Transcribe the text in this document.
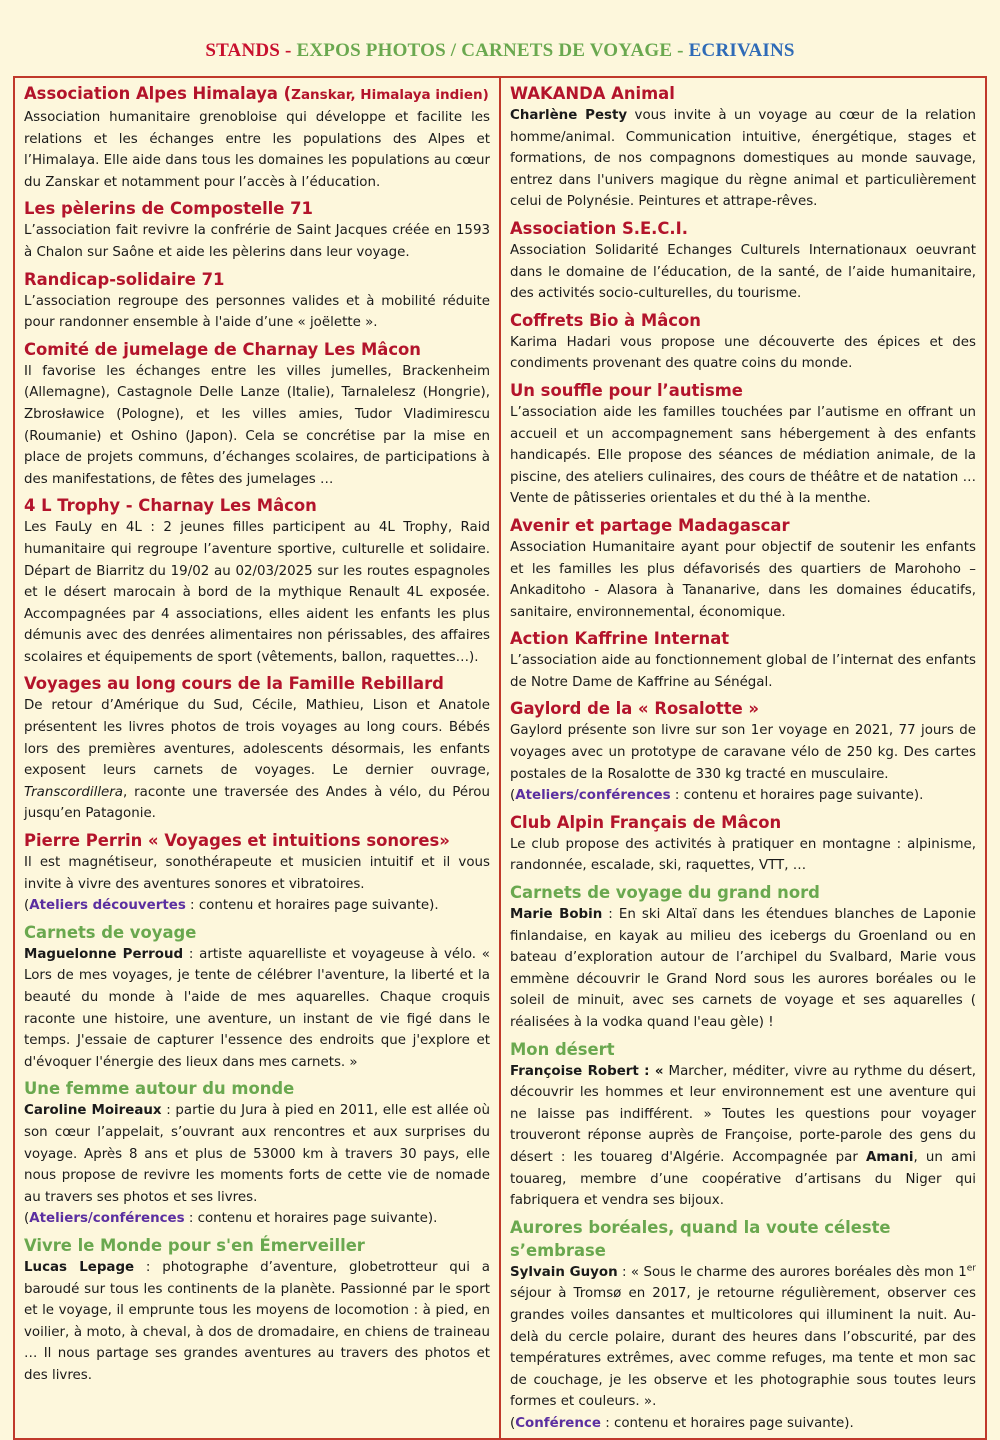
STANDS - EXPOS PHOTOS / CARNETS DE VOYAGE - ECRIVAINS
Association Alpes Himalaya (Zanskar, Himalaya indien)

Association humanitaire grenobloise qui développe et facilite les relations et les échanges entre les populations des Alpes et l’Himalaya. Elle aide dans tous les domaines les populations au cœur du Zanskar et notamment pour l’accès à l’éducation.

Les pèlerins de Compostelle 71

L’association fait revivre la confrérie de Saint Jacques créée en 1593 à Chalon sur Saône et aide les pèlerins dans leur voyage.

Randicap-solidaire 71

L’association regroupe des personnes valides et à mobilité réduite pour randonner ensemble à l'aide d’une « joëlette ».

Comité de jumelage de Charnay Les Mâcon

Il favorise les échanges entre les villes jumelles, Brackenheim (Allemagne), Castagnole Delle Lanze (Italie), Tarnalelesz (Hongrie), Zbrosławice (Pologne), et les villes amies, Tudor Vladimirescu (Roumanie) et Oshino (Japon). Cela se concrétise par la mise en place de projets communs, d’échanges scolaires, de participations à des manifestations, de fêtes des jumelages …

4 L Trophy - Charnay Les Mâcon

Les FauLy en 4L : 2 jeunes filles participent au 4L Trophy, Raid humanitaire qui regroupe l’aventure sportive, culturelle et solidaire. Départ de Biarritz du 19/02 au 02/03/2025 sur les routes espagnoles et le désert marocain à bord de la mythique Renault 4L exposée. Accompagnées par 4 associations, elles aident les enfants les plus démunis avec des denrées alimentaires non périssables, des affaires scolaires et équipements de sport (vêtements, ballon, raquettes…).

Voyages au long cours de la Famille Rebillard

De retour d’Amérique du Sud, Cécile, Mathieu, Lison et Anatole présentent les livres photos de trois voyages au long cours. Bébés lors des premières aventures, adolescents désormais, les enfants exposent leurs carnets de voyages. Le dernier ouvrage, Transcordillera, raconte une traversée des Andes à vélo, du Pérou jusqu’en Patagonie.

Pierre Perrin « Voyages et intuitions sonores»

Il est magnétiseur, sonothérapeute et musicien intuitif et il vous invite à vivre des aventures sonores et vibratoires.
(Ateliers découvertes : contenu et horaires page suivante).

Carnets de voyage

Maguelonne Perroud : artiste aquarelliste et voyageuse à vélo. « Lors de mes voyages, je tente de célébrer l'aventure, la liberté et la beauté du monde à l'aide de mes aquarelles. Chaque croquis raconte une histoire, une aventure, un instant de vie figé dans le temps. J'essaie de capturer l'essence des endroits que j'explore et d'évoquer l'énergie des lieux dans mes carnets. »

Une femme autour du monde

Caroline Moireaux : partie du Jura à pied en 2011, elle est allée où son cœur l’appelait, s’ouvrant aux rencontres et aux surprises du voyage. Après 8 ans et plus de 53000 km à travers 30 pays, elle nous propose de revivre les moments forts de cette vie de nomade au travers ses photos et ses livres.
(Ateliers/conférences : contenu et horaires page suivante).

Vivre le Monde pour s'en Émerveiller

Lucas Lepage : photographe d’aventure, globetrotteur qui a baroudé sur tous les continents de la planète. Passionné par le sport et le voyage, il emprunte tous les moyens de locomotion : à pied, en voilier, à moto, à cheval, à dos de dromadaire, en chiens de traineau … Il nous partage ses grandes aventures au travers des photos et des livres.

WAKANDA Animal

Charlène Pesty vous invite à un voyage au cœur de la relation homme/animal. Communication intuitive, énergétique, stages et formations, de nos compagnons domestiques au monde sauvage, entrez dans l'univers magique du règne animal et particulièrement celui de Polynésie. Peintures et attrape-rêves.

Association S.E.C.I.

Association Solidarité Echanges Culturels Internationaux oeuvrant dans le domaine de l’éducation, de la santé, de l’aide humanitaire, des activités socio-culturelles, du tourisme.

Coffrets Bio à Mâcon

Karima Hadari vous propose une découverte des épices et des condiments provenant des quatre coins du monde.

Un souffle pour l’autisme

L’association aide les familles touchées par l’autisme en offrant un accueil et un accompagnement sans hébergement à des enfants handicapés. Elle propose des séances de médiation animale, de la piscine, des ateliers culinaires, des cours de théâtre et de natation … Vente de pâtisseries orientales et du thé à la menthe.

Avenir et partage Madagascar

Association Humanitaire ayant pour objectif de soutenir les enfants et les familles les plus défavorisés des quartiers de Marohoho – Ankaditoho - Alasora à Tananarive, dans les domaines éducatifs, sanitaire, environnemental, économique.

Action Kaffrine Internat

L’association aide au fonctionnement global de l’internat des enfants de Notre Dame de Kaffrine au Sénégal.

Gaylord de la « Rosalotte »

Gaylord présente son livre sur son 1er voyage en 2021, 77 jours de voyages avec un prototype de caravane vélo de 250 kg. Des cartes postales de la Rosalotte de 330 kg tracté en musculaire.
(Ateliers/conférences : contenu et horaires page suivante).

Club Alpin Français de Mâcon

Le club propose des activités à pratiquer en montagne : alpinisme, randonnée, escalade, ski, raquettes, VTT, …

Carnets de voyage du grand nord

Marie Bobin : En ski Altaï dans les étendues blanches de Laponie finlandaise, en kayak au milieu des icebergs du Groenland ou en bateau d’exploration autour de l’archipel du Svalbard, Marie vous emmène découvrir le Grand Nord sous les aurores boréales ou le soleil de minuit, avec ses carnets de voyage et ses aquarelles ( réalisées à la vodka quand l'eau gèle) !

Mon désert

Françoise Robert : « Marcher, méditer, vivre au rythme du désert, découvrir les hommes et leur environnement est une aventure qui ne laisse pas indifférent. » Toutes les questions pour voyager trouveront réponse auprès de Françoise, porte-parole des gens du désert : les touareg d'Algérie. Accompagnée par Amani, un ami touareg, membre d’une coopérative d’artisans du Niger qui fabriquera et vendra ses bijoux.

Aurores boréales, quand la voute céleste s’embrase

Sylvain Guyon : « Sous le charme des aurores boréales dès mon 1er séjour à Tromsø en 2017, je retourne régulièrement, observer ces grandes voiles dansantes et multicolores qui illuminent la nuit. Au-delà du cercle polaire, durant des heures dans l’obscurité, par des températures extrêmes, avec comme refuges, ma tente et mon sac de couchage, je les observe et les photographie sous toutes leurs formes et couleurs. ».
(Conférence : contenu et horaires page suivante).
